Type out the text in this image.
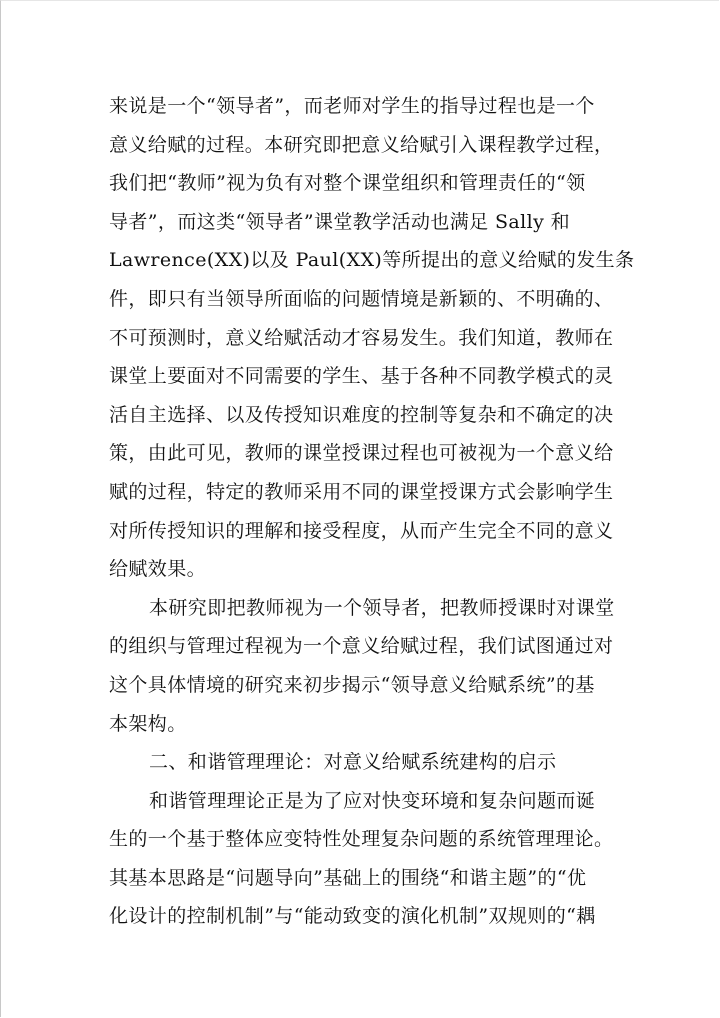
来说是一个“领导者”，而老师对学生的指导过程也是一个
意义给赋的过程。本研究即把意义给赋引入课程教学过程，
我们把“教师”视为负有对整个课堂组织和管理责任的“领
导者”，而这类“领导者”课堂教学活动也满足 Sally 和
Lawrence(XX)以及 Paul(XX)等所提出的意义给赋的发生条
件，即只有当领导所面临的问题情境是新颖的、不明确的、
不可预测时，意义给赋活动才容易发生。我们知道，教师在
课堂上要面对不同需要的学生、基于各种不同教学模式的灵
活自主选择、以及传授知识难度的控制等复杂和不确定的决
策，由此可见，教师的课堂授课过程也可被视为一个意义给
赋的过程，特定的教师采用不同的课堂授课方式会影响学生
对所传授知识的理解和接受程度，从而产生完全不同的意义
给赋效果。
本研究即把教师视为一个领导者，把教师授课时对课堂
的组织与管理过程视为一个意义给赋过程，我们试图通过对
这个具体情境的研究来初步揭示“领导意义给赋系统”的基
本架构。
二、和谐管理理论：对意义给赋系统建构的启示
和谐管理理论正是为了应对快变环境和复杂问题而诞
生的一个基于整体应变特性处理复杂问题的系统管理理论。
其基本思路是“问题导向”基础上的围绕“和谐主题”的“优
化设计的控制机制”与“能动致变的演化机制”双规则的“耦
